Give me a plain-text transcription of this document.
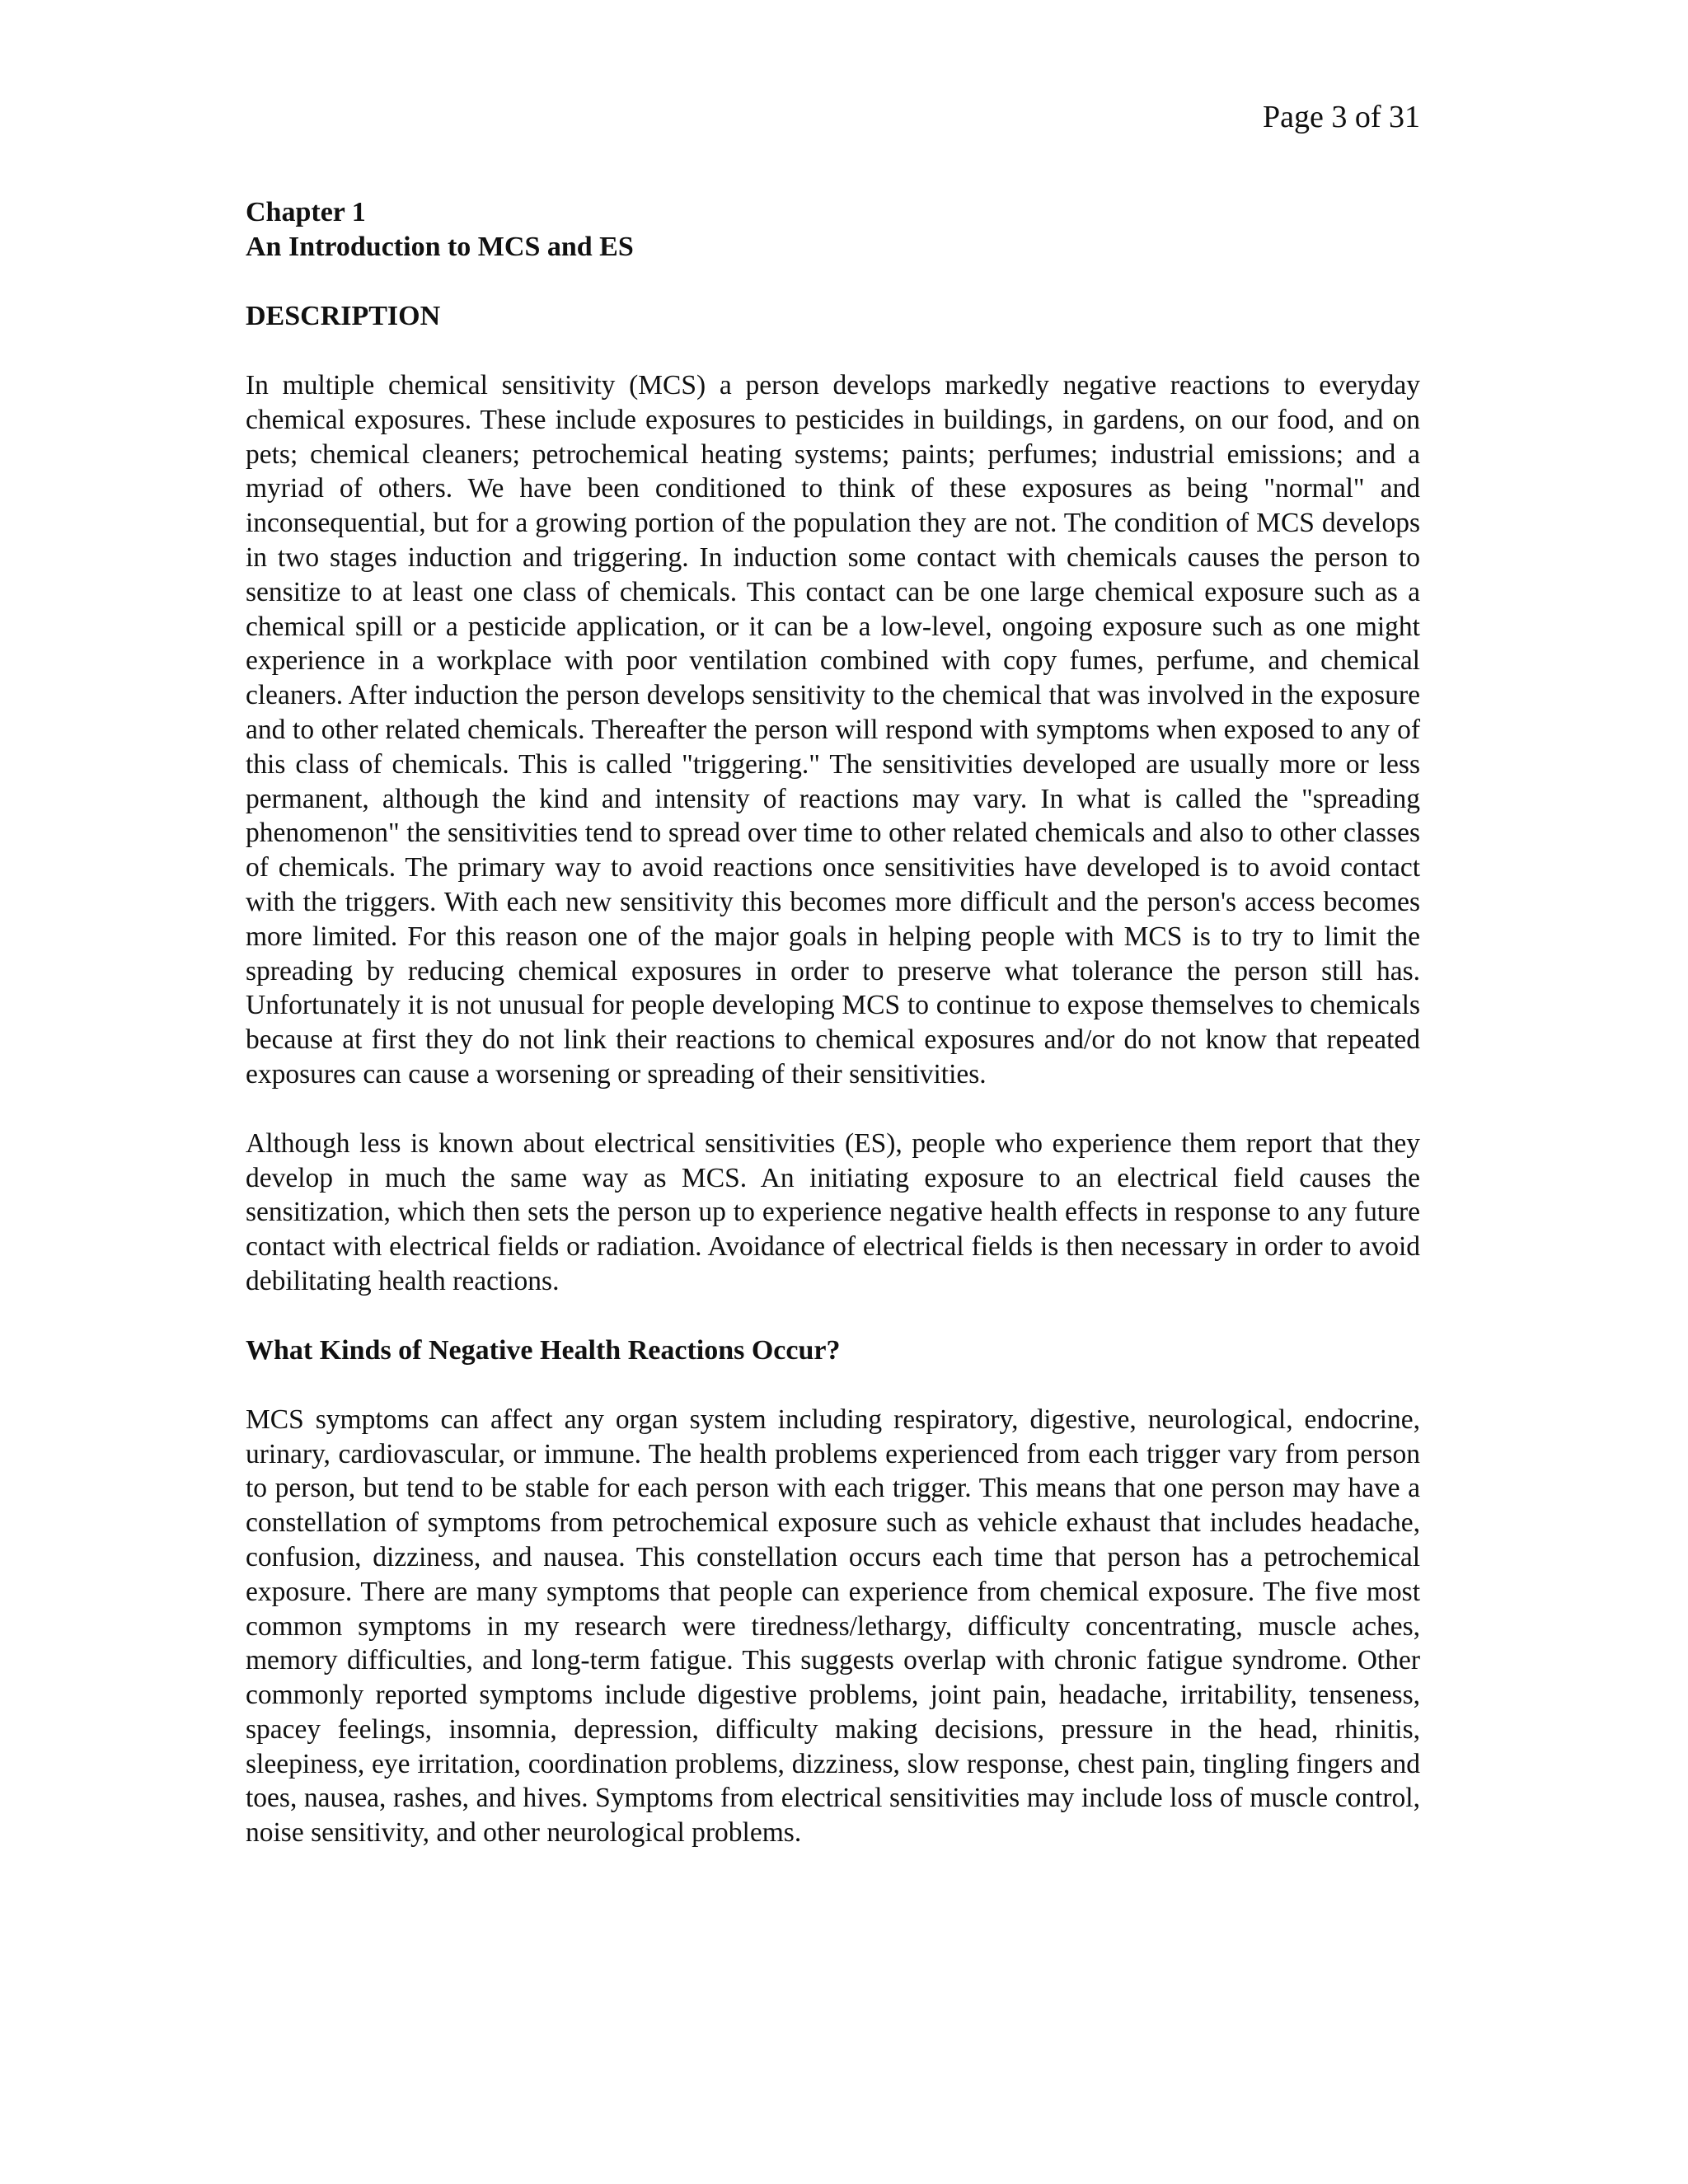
Page 3 of 31
Chapter 1
An Introduction to MCS and ES
DESCRIPTION

In multiple chemical sensitivity (MCS) a person develops markedly negative reactions to everyday chemical exposures. These include exposures to pesticides in buildings, in gardens, on our food, and on pets; chemical cleaners; petrochemical heating systems; paints; perfumes; industrial emissions; and a myriad of others. We have been conditioned to think of these exposures as being "normal" and inconsequential, but for a growing portion of the population they are not. The condition of MCS develops in two stages induction and triggering. In induction some contact with chemicals causes the person to sensitize to at least one class of chemicals. This contact can be one large chemical exposure such as a chemical spill or a pesticide application, or it can be a low-level, ongoing exposure such as one might experience in a workplace with poor ventilation combined with copy fumes, perfume, and chemical cleaners. After induction the person develops sensitivity to the chemical that was involved in the exposure and to other related chemicals. Thereafter the person will respond with symptoms when exposed to any of this class of chemicals. This is called "triggering." The sensitivities developed are usually more or less permanent, although the kind and intensity of reactions may vary. In what is called the "spreading phenomenon" the sensitivities tend to spread over time to other related chemicals and also to other classes of chemicals. The primary way to avoid reactions once sensitivities have developed is to avoid contact with the triggers. With each new sensitivity this becomes more difficult and the person's access becomes more limited. For this reason one of the major goals in helping people with MCS is to try to limit the spreading by reducing chemical exposures in order to preserve what tolerance the person still has. Unfortunately it is not unusual for people developing MCS to continue to expose themselves to chemicals because at first they do not link their reactions to chemical exposures and/or do not know that repeated exposures can cause a worsening or spreading of their sensitivities.

Although less is known about electrical sensitivities (ES), people who experience them report that they develop in much the same way as MCS. An initiating exposure to an electrical field causes the sensitization, which then sets the person up to experience negative health effects in response to any future contact with electrical fields or radiation. Avoidance of electrical fields is then necessary in order to avoid debilitating health reactions.

What Kinds of Negative Health Reactions Occur?

MCS symptoms can affect any organ system including respiratory, digestive, neurological, endocrine, urinary, cardiovascular, or immune. The health problems experienced from each trigger vary from person to person, but tend to be stable for each person with each trigger. This means that one person may have a constellation of symptoms from petrochemical exposure such as vehicle exhaust that includes headache, confusion, dizziness, and nausea. This constellation occurs each time that person has a petrochemical exposure. There are many symptoms that people can experience from chemical exposure. The five most common symptoms in my research were tiredness/lethargy, difficulty concentrating, muscle aches, memory difficulties, and long-term fatigue. This suggests overlap with chronic fatigue syndrome. Other commonly reported symptoms include digestive problems, joint pain, headache, irritability, tenseness, spacey feelings, insomnia, depression, difficulty making decisions, pressure in the head, rhinitis, sleepiness, eye irritation, coordination problems, dizziness, slow response, chest pain, tingling fingers and toes, nausea, rashes, and hives. Symptoms from electrical sensitivities may include loss of muscle control, noise sensitivity, and other neurological problems.
